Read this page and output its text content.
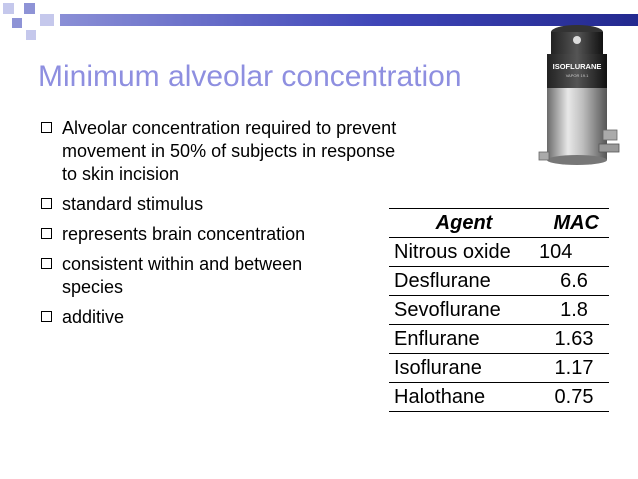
Minimum alveolar concentration
Alveolar concentration required to prevent movement in 50% of subjects in response to skin incision
standard stimulus
represents brain concentration
consistent within and between species
additive
ISOFLURANE
VAPOR 19.1
Agent	MAC
Nitrous oxide	104
Desflurane	6.6
Sevoflurane	1.8
Enflurane	1.63
Isoflurane	1.17
Halothane	0.75
